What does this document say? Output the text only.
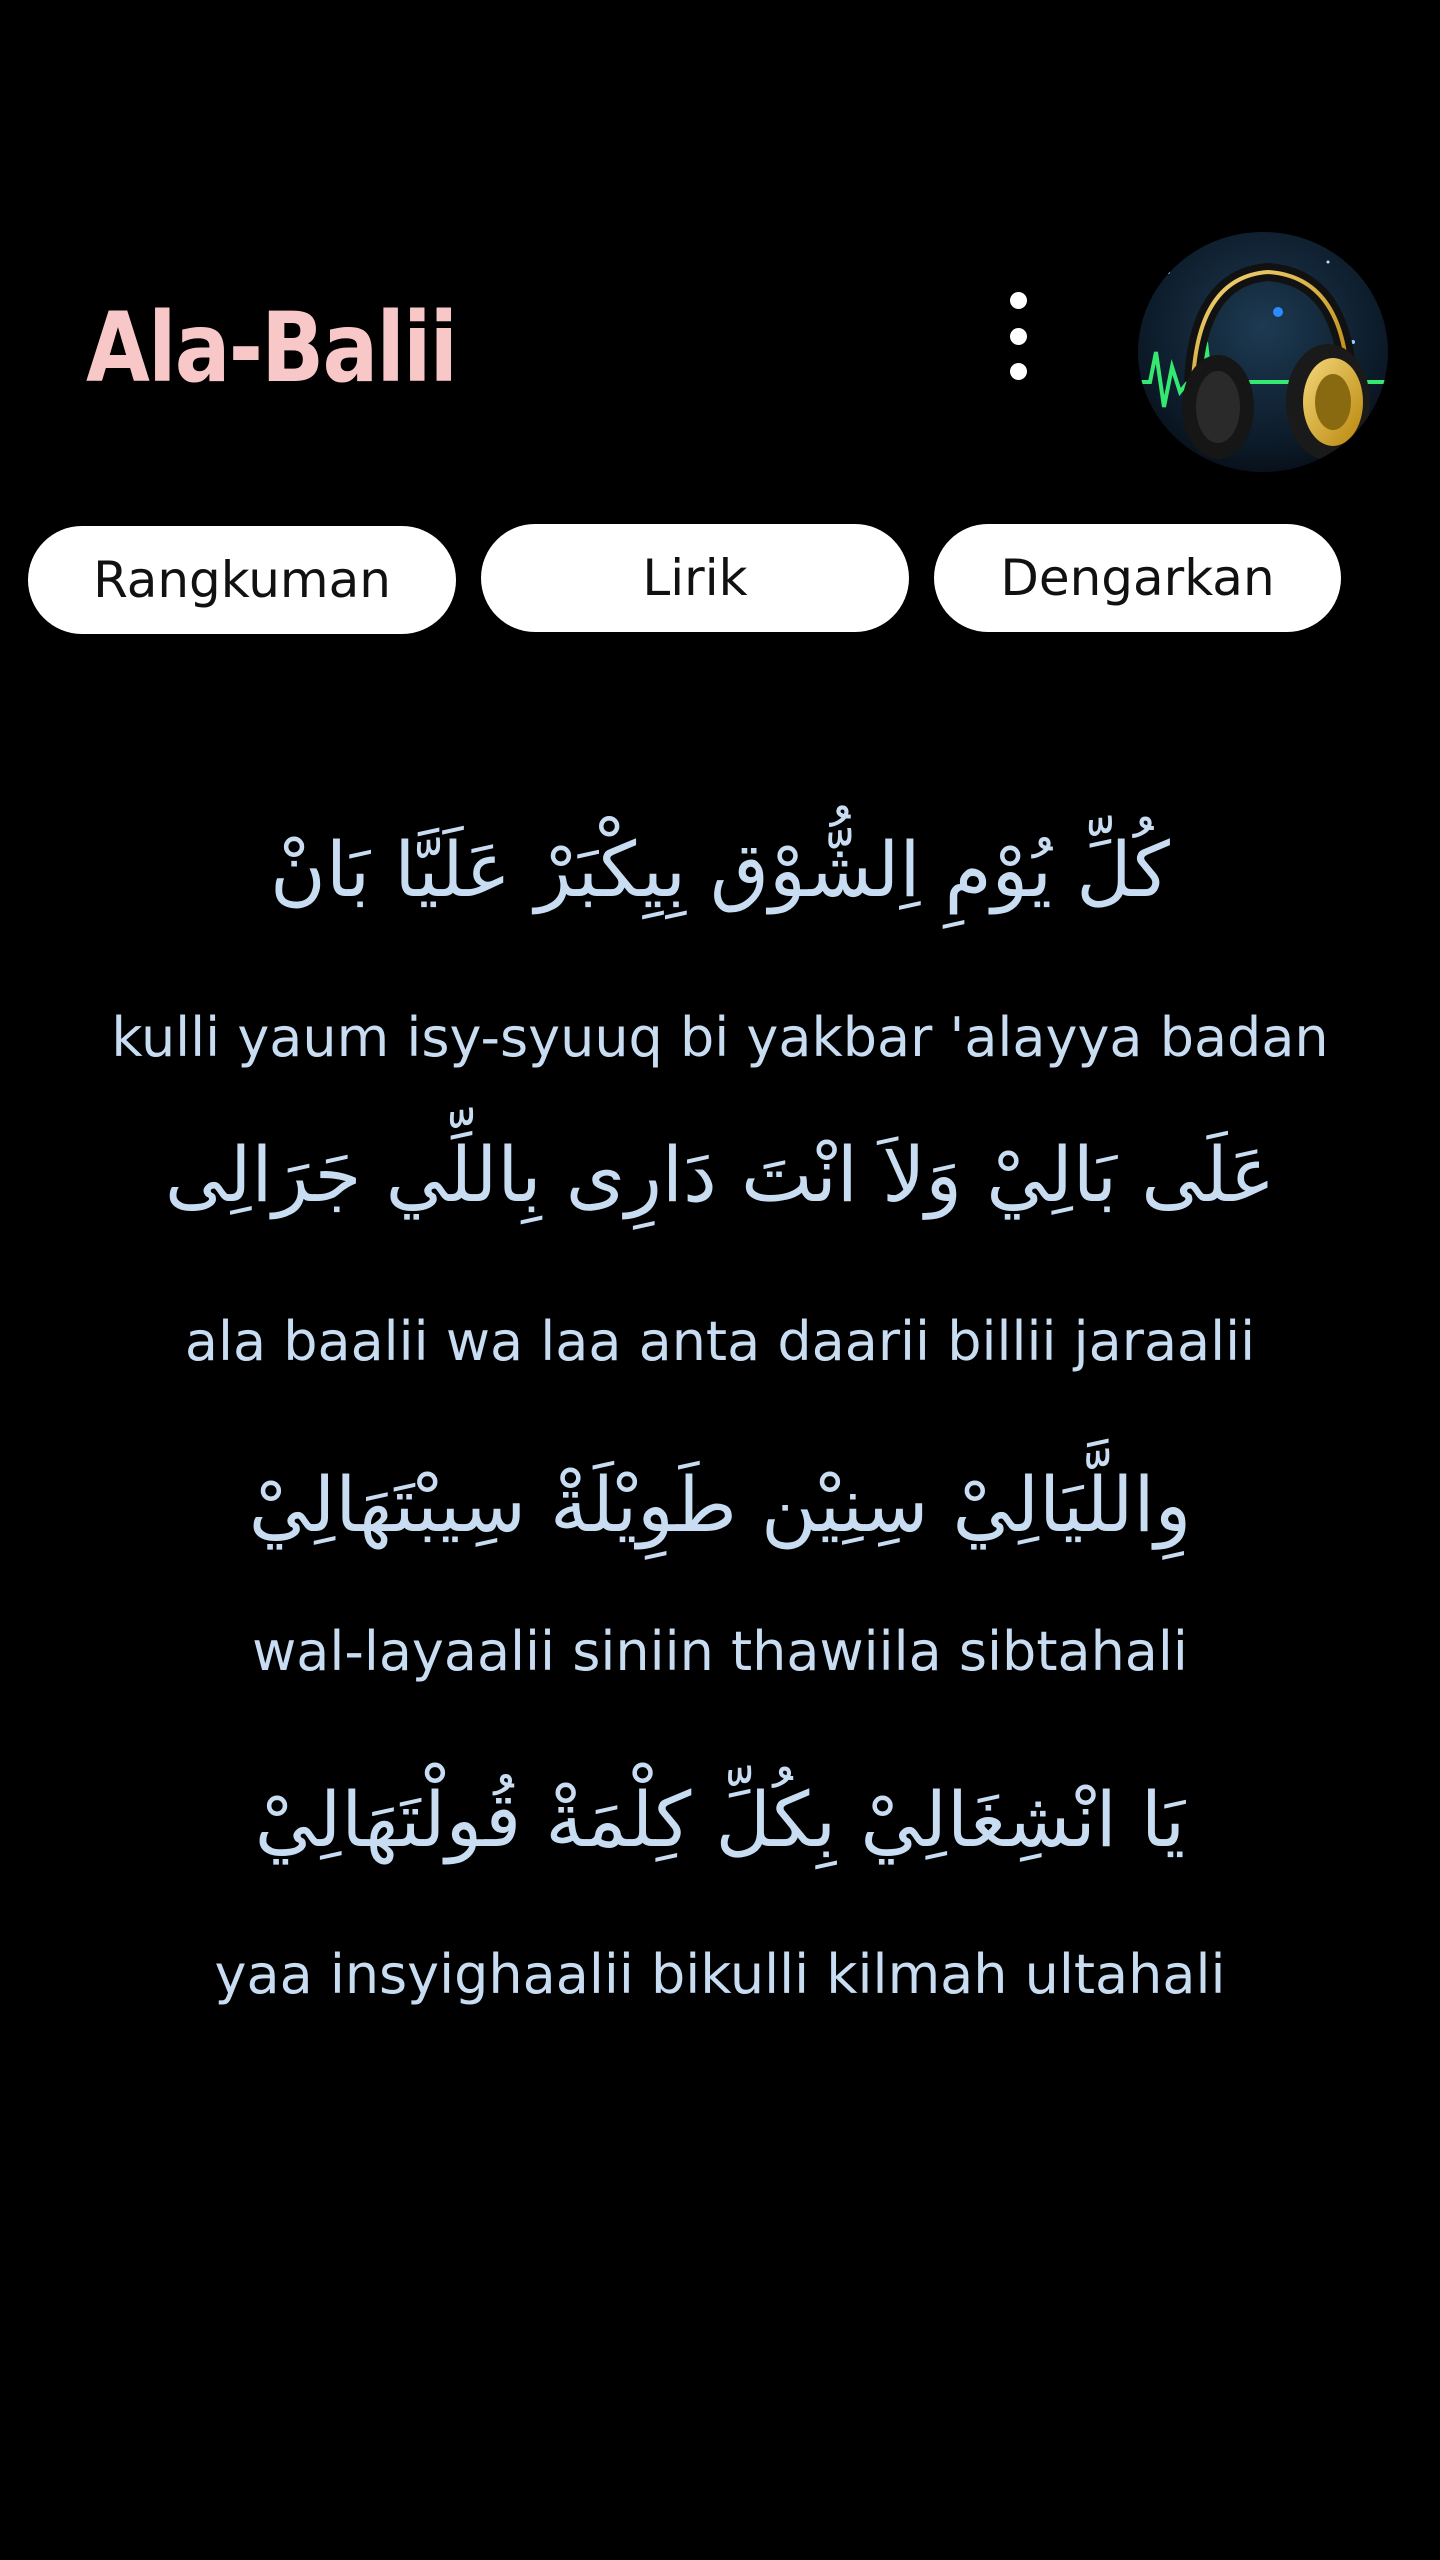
Ala-Balii
Rangkuman	Lirik	Dengarkan
كُلِّ يُوْمِ اِلشُّوْق بِيِكْبَرْ عَلَيَّا بَانْ
kulli yaum isy-syuuq bi yakbar 'alayya badan
عَلَى بَالِيْ وَلاَ انْتَ دَارِى بِاللِّي جَرَالِى
ala baalii wa laa anta daarii billii jaraalii
وِاللَّيَالِيْ سِنِيْن طَوِيْلَةْ سِيبْتَهَالِيْ
wal-layaalii siniin thawiila sibtahali
يَا انْشِغَالِيْ بِكُلِّ كِلْمَةْ قُولْتَهَالِيْ
yaa insyighaalii bikulli kilmah ultahali
